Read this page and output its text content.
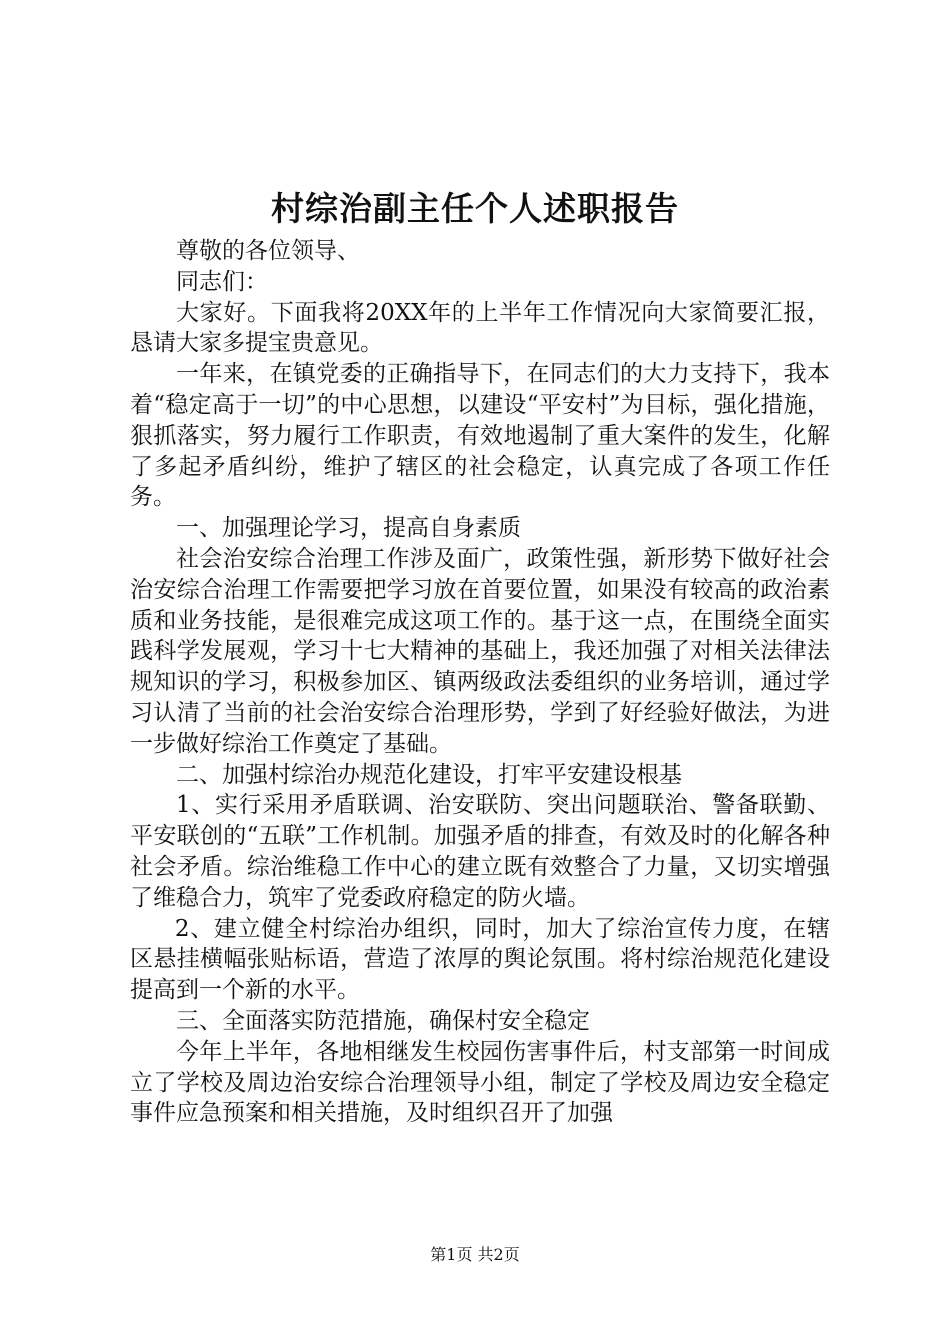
村综治副主任个人述职报告

尊敬的各位领导、

同志们：

大家好。下面我将20XX年的上半年工作情况向大家简要汇报，恳请大家多提宝贵意见。

一年来，在镇党委的正确指导下，在同志们的大力支持下，我本着“稳定高于一切”的中心思想，以建设“平安村”为目标，强化措施，狠抓落实，努力履行工作职责，有效地遏制了重大案件的发生，化解了多起矛盾纠纷，维护了辖区的社会稳定，认真完成了各项工作任务。

一、加强理论学习，提高自身素质

社会治安综合治理工作涉及面广，政策性强，新形势下做好社会治安综合治理工作需要把学习放在首要位置，如果没有较高的政治素质和业务技能，是很难完成这项工作的。基于这一点，在围绕全面实践科学发展观，学习十七大精神的基础上，我还加强了对相关法律法规知识的学习，积极参加区、镇两级政法委组织的业务培训，通过学习认清了当前的社会治安综合治理形势，学到了好经验好做法，为进一步做好综治工作奠定了基础。

二、加强村综治办规范化建设，打牢平安建设根基

1、实行采用矛盾联调、治安联防、突出问题联治、警备联勤、平安联创的“五联”工作机制。加强矛盾的排查，有效及时的化解各种社会矛盾。综治维稳工作中心的建立既有效整合了力量，又切实增强了维稳合力，筑牢了党委政府稳定的防火墙。

2、建立健全村综治办组织，同时，加大了综治宣传力度，在辖区悬挂横幅张贴标语，营造了浓厚的舆论氛围。将村综治规范化建设提高到一个新的水平。

三、全面落实防范措施，确保村安全稳定

今年上半年，各地相继发生校园伤害事件后，村支部第一时间成立了学校及周边治安综合治理领导小组，制定了学校及周边安全稳定事件应急预案和相关措施，及时组织召开了加强

第1页 共2页
